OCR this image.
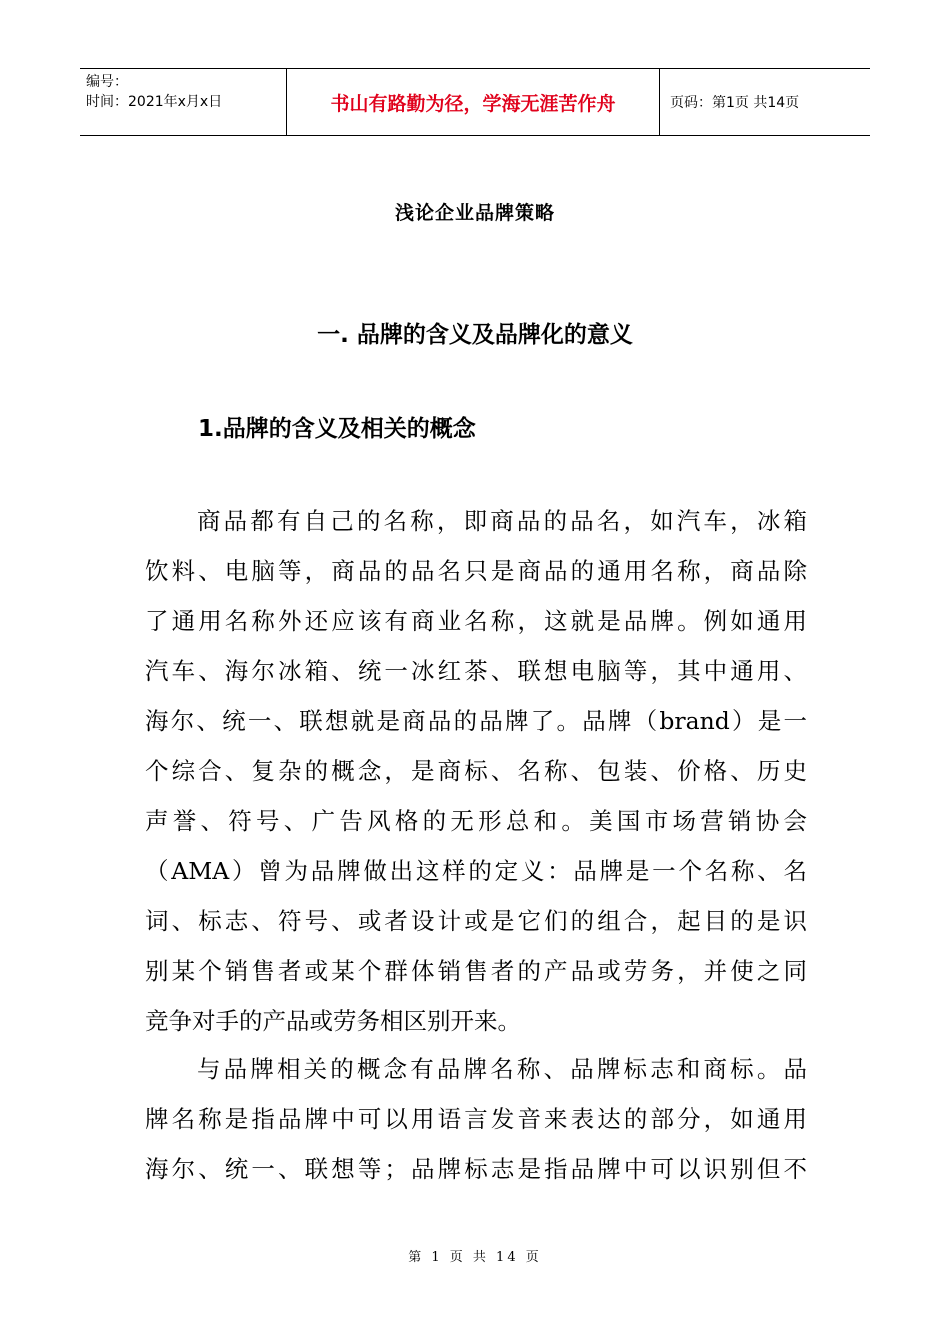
编号：
时间：2021年x月x日	书山有路勤为径，学海无涯苦作舟	页码：第1页 共14页
浅论企业品牌策略
一. 品牌的含义及品牌化的意义
1.品牌的含义及相关的概念
商品都有自己的名称，即商品的品名，如汽车，冰箱
饮料、电脑等，商品的品名只是商品的通用名称，商品除
了通用名称外还应该有商业名称，这就是品牌。例如通用
汽车、海尔冰箱、统一冰红茶、联想电脑等，其中通用、
海尔、统一、联想就是商品的品牌了。品牌（brand）是一
个综合、复杂的概念，是商标、名称、包装、价格、历史
声誉、符号、广告风格的无形总和。美国市场营销协会
（AMA）曾为品牌做出这样的定义：品牌是一个名称、名
词、标志、符号、或者设计或是它们的组合，起目的是识
别某个销售者或某个群体销售者的产品或劳务，并使之同
竞争对手的产品或劳务相区别开来。
与品牌相关的概念有品牌名称、品牌标志和商标。品
牌名称是指品牌中可以用语言发音来表达的部分，如通用
海尔、统一、联想等；品牌标志是指品牌中可以识别但不
第 1 页 共 14 页
